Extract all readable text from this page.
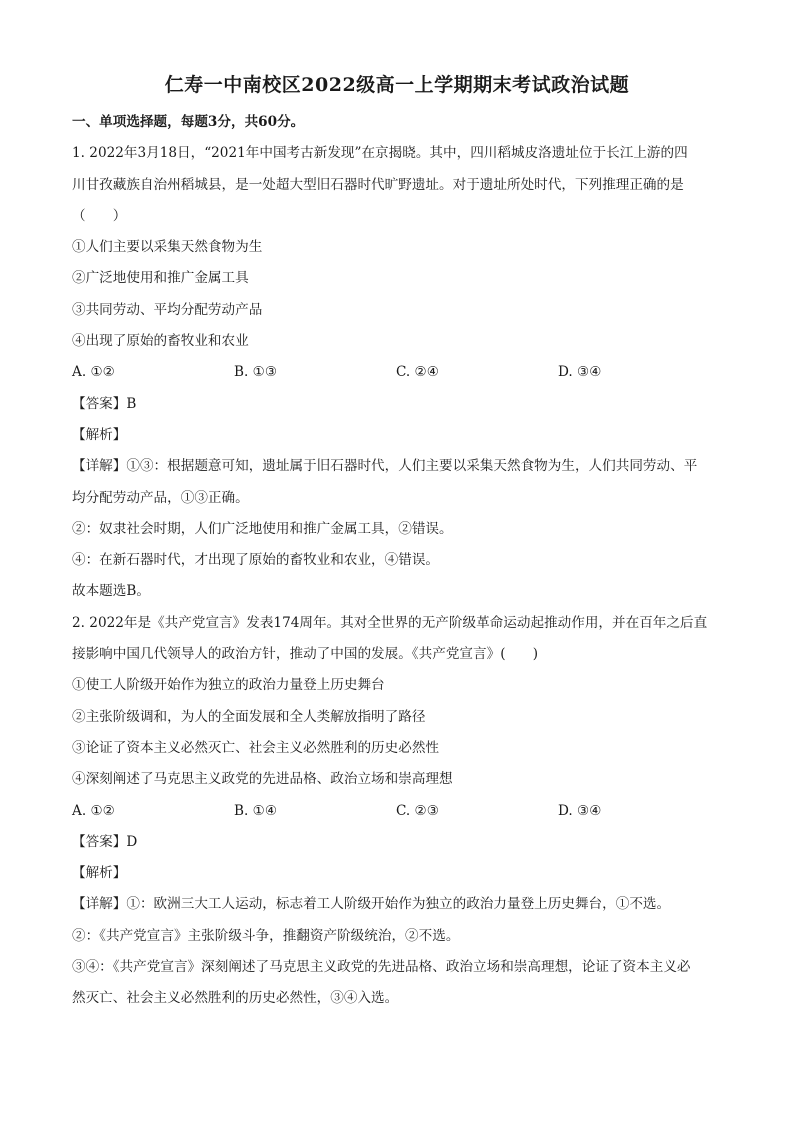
仁寿一中南校区2022级高一上学期期末考试政治试题
一、单项选择题，每题3分，共60分。
1. 2022年3月18日，“2021年中国考古新发现”在京揭晓。其中，四川稻城皮洛遗址位于长江上游的四
川甘孜藏族自治州稻城县，是一处超大型旧石器时代旷野遗址。对于遗址所处时代，下列推理正确的是
（　　）
①人们主要以采集天然食物为生
②广泛地使用和推广金属工具
③共同劳动、平均分配劳动产品
④出现了原始的畜牧业和农业
A. ①②	B. ①③	C. ②④	D. ③④
【答案】B
【解析】
【详解】①③：根据题意可知，遗址属于旧石器时代，人们主要以采集天然食物为生，人们共同劳动、平
均分配劳动产品，①③正确。
②：奴隶社会时期，人们广泛地使用和推广金属工具，②错误。
④：在新石器时代，才出现了原始的畜牧业和农业，④错误。
故本题选B。
2. 2022年是《共产党宣言》发表174周年。其对全世界的无产阶级革命运动起推动作用，并在百年之后直
接影响中国几代领导人的政治方针，推动了中国的发展。《共产党宣言》(　　)
①使工人阶级开始作为独立的政治力量登上历史舞台
②主张阶级调和，为人的全面发展和全人类解放指明了路径
③论证了资本主义必然灭亡、社会主义必然胜利的历史必然性
④深刻阐述了马克思主义政党的先进品格、政治立场和崇高理想
A. ①②	B. ①④	C. ②③	D. ③④
【答案】D
【解析】
【详解】①：欧洲三大工人运动，标志着工人阶级开始作为独立的政治力量登上历史舞台，①不选。
②：《共产党宣言》主张阶级斗争，推翻资产阶级统治，②不选。
③④：《共产党宣言》深刻阐述了马克思主义政党的先进品格、政治立场和崇高理想，论证了资本主义必
然灭亡、社会主义必然胜利的历史必然性，③④入选。
